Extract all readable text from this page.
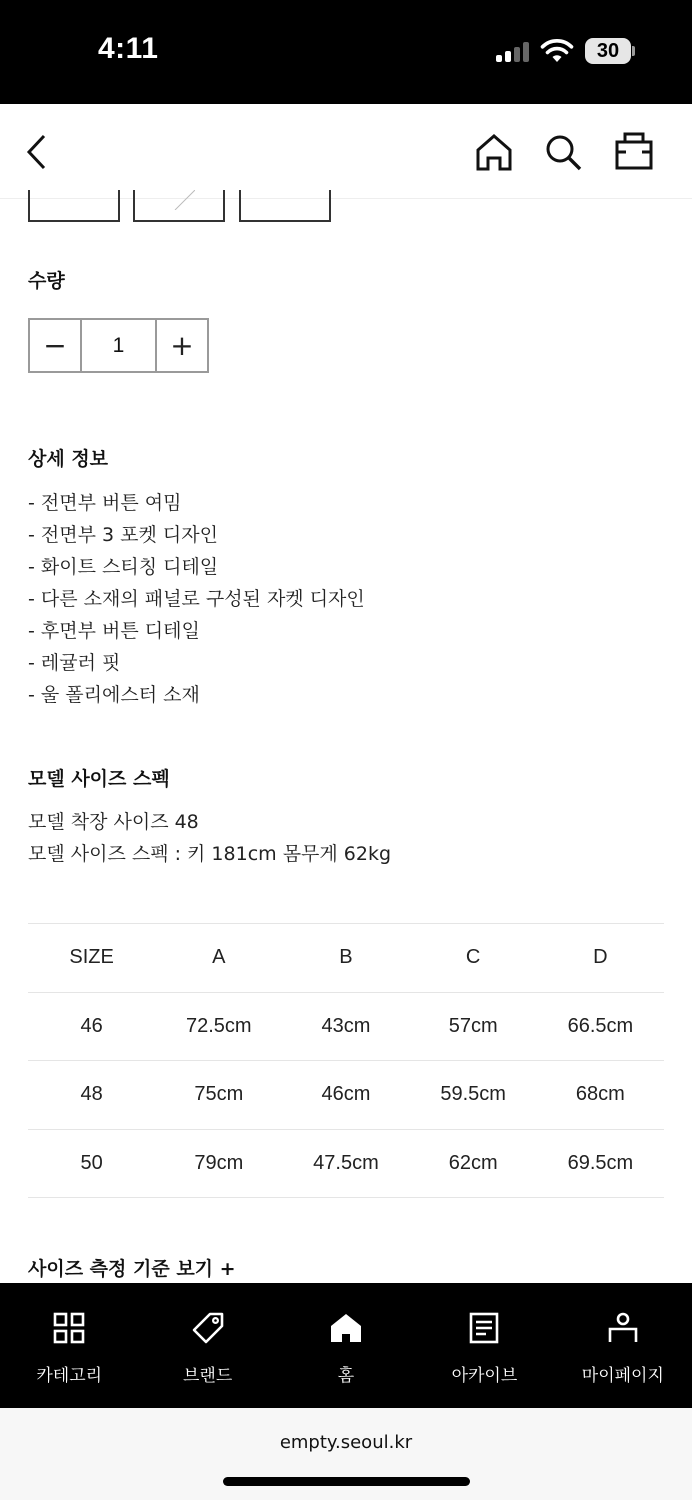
4:11	30
수량
−	1	+
상세 정보
- 전면부 버튼 여밈
- 전면부 3 포켓 디자인
- 화이트 스티칭 디테일
- 다른 소재의 패널로 구성된 자켓 디자인
- 후면부 버튼 디테일
- 레귤러 핏
- 울 폴리에스터 소재
모델 사이즈 스펙
모델 착장 사이즈 48
모델 사이즈 스펙 : 키 181cm 몸무게 62kg
SIZE	A	B	C	D
46	72.5cm	43cm	57cm	66.5cm
48	75cm	46cm	59.5cm	68cm
50	79cm	47.5cm	62cm	69.5cm
사이즈 측정 기준 보기 +
카테고리	브랜드	홈	아카이브	마이페이지
empty.seoul.kr
